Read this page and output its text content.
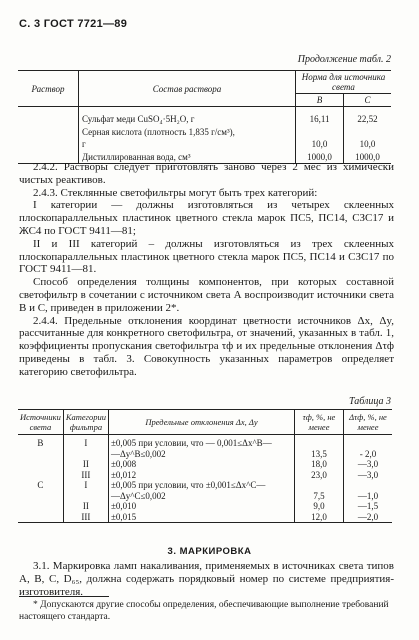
С. 3 ГОСТ 7721—89
Продолжение табл. 2
Раствор	Состав раствора	Норма для источника света	
		В	С

	Сульфат меди CuSO₄·5H₂O, г	16,11	22,52
	Серная кислота (плотность 1,835 г/см³),		
	г	10,0	10,0
	Дистиллированная вода, см³	1000,0	1000,0

2.4.2. Растворы следует приготовлять заново через 2 мес из химически чистых реактивов.

2.4.3. Стеклянные светофильтры могут быть трех категорий:

I категории — должны изготовляться из четырех склеенных плоскопараллельных пластинок цветного стекла марок ПС5, ПС14, СЗС17 и ЖС4 по ГОСТ 9411—81;

II и III категорий – должны изготовляться из трех склеенных плоскопараллельных пластинок цветного стекла марок ПС5, ПС14 и СЗС17 по ГОСТ 9411—81.

Способ определения толщины компонентов, при которых составной светофильтр в сочетании с источником света А воспроизводит источники света В и С, приведен в приложении 2*.

2.4.4. Предельные отклонения координат цветности источников Δx, Δy, рассчитанные для конкретного светофильтра, от значений, указанных в табл. 1, коэффициенты пропускания светофильтра τф и их предельные отклонения Δτф приведены в табл. 3. Совокупность указанных параметров определяет категорию светофильтра.

Таблица 3
Источники света	Категории фильтра	Предельные отклонения Δx, Δy	τф, %, не менее	Δτф, %, не менее

В	I	±0,005 при условии, что — 0,001≤Δx^В—		
		—Δy^В≤0,002	13,5	- 2,0
	II	±0,008	18,0	—3,0
	III	±0,012	23,0	—3,0
С	I	±0,005 при условии, что ±0,001≤Δx^С—		
		—Δy^С≤0,002	7,5	—1,0
	II	±0,010	9,0	—1,5
	III	±0,015	12,0	—2,0
3. МАРКИРОВКА

3.1. Маркировка ламп накаливания, применяемых в источниках света типов А, В, С, D₆₅, должна содержать порядковый номер по системе предприятия-изготовителя.

* Допускаются другие способы определения, обеспечивающие выполнение требований настоящего стандарта.
